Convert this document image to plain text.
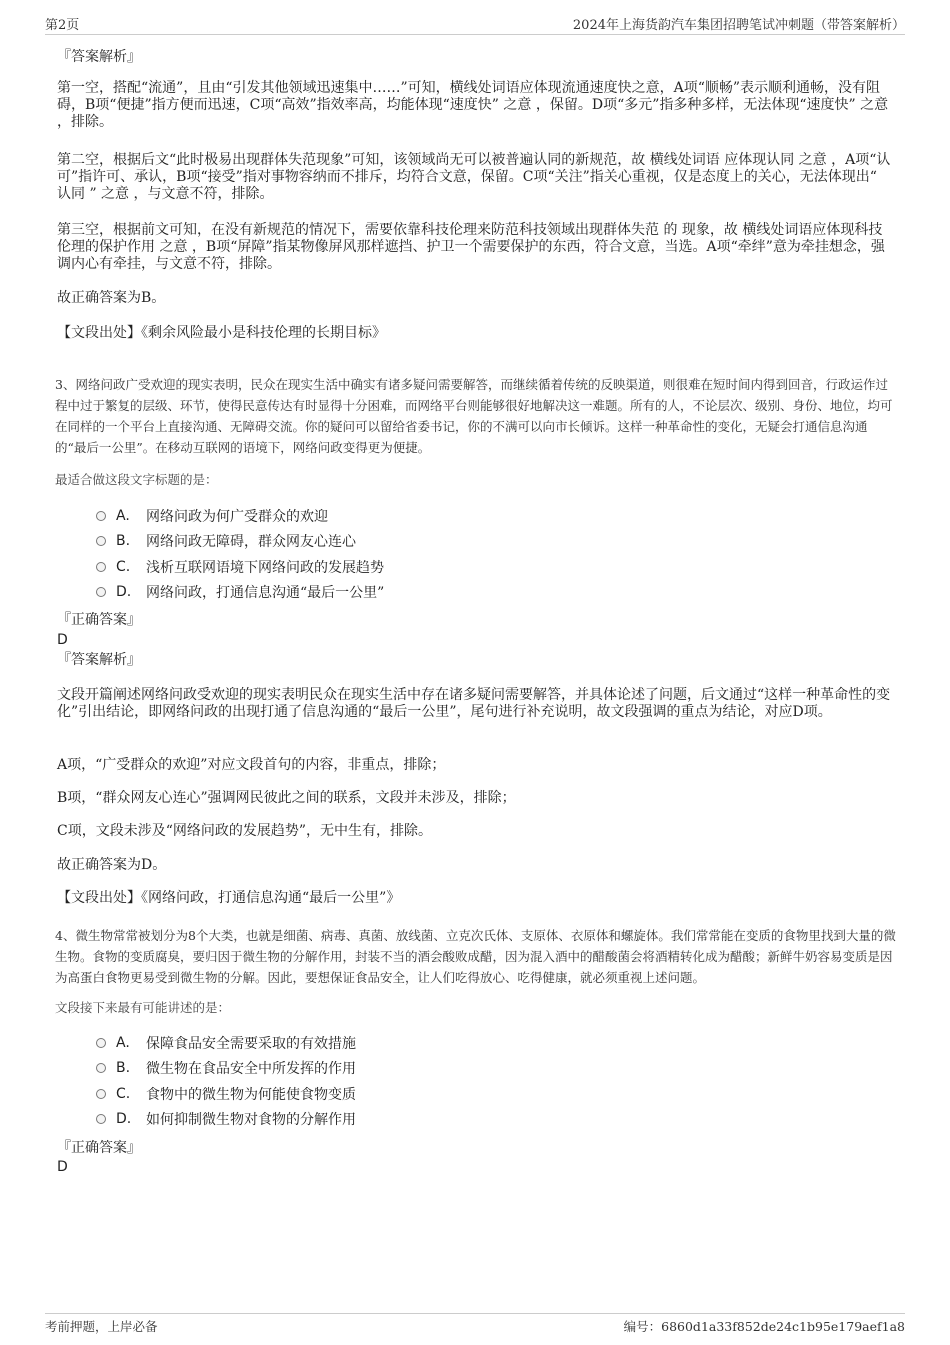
第2页	2024年上海货韵汽车集团招聘笔试冲刺题（带答案解析）
『答案解析』
第一空，搭配“流通”，且由“引发其他领域迅速集中……”可知，横线处词语应体现流通速度快之意，A项“顺畅”表示顺利通畅，没有阻碍，B项“便捷”指方便而迅速，C项“高效”指效率高，均能体现“速度快” 之意 ，保留。D项“多元”指多种多样，无法体现“速度快” 之意 ，排除。
第二空，根据后文“此时极易出现群体失范现象”可知，该领域尚无可以被普遍认同的新规范，故 横线处词语 应体现认同 之意 ，A项“认可”指许可、承认，B项“接受”指对事物容纳而不排斥，均符合文意，保留。C项“关注”指关心重视，仅是态度上的关心，无法体现出“ 认同 ” 之意 ，与文意不符，排除。
第三空，根据前文可知，在没有新规范的情况下，需要依靠科技伦理来防范科技领域出现群体失范 的 现象，故 横线处词语应体现科技伦理的保护作用 之意 ，B项“屏障”指某物像屏风那样遮挡、护卫一个需要保护的东西，符合文意，当选。A项“牵绊”意为牵挂想念，强调内心有牵挂，与文意不符，排除。
故正确答案为B。
【文段出处】《剩余风险最小是科技伦理的长期目标》
3、网络问政广受欢迎的现实表明，民众在现实生活中确实有诸多疑问需要解答，而继续循着传统的反映渠道，则很难在短时间内得到回音，行政运作过程中过于繁复的层级、环节，使得民意传达有时显得十分困难，而网络平台则能够很好地解决这一难题。所有的人，不论层次、级别、身份、地位，均可在同样的一个平台上直接沟通、无障碍交流。你的疑问可以留给省委书记，你的不满可以向市长倾诉。这样一种革命性的变化，无疑会打通信息沟通的“最后一公里”。在移动互联网的语境下，网络问政变得更为便捷。
最适合做这段文字标题的是：
A.	网络问政为何广受群众的欢迎
B.	网络问政无障碍，群众网友心连心
C.	浅析互联网语境下网络问政的发展趋势
D.	网络问政，打通信息沟通“最后一公里”
『正确答案』
D
『答案解析』
文段开篇阐述网络问政受欢迎的现实表明民众在现实生活中存在诸多疑问需要解答，并具体论述了问题，后文通过“这样一种革命性的变化”引出结论，即网络问政的出现打通了信息沟通的“最后一公里”，尾句进行补充说明，故文段强调的重点为结论，对应D项。
A项，“广受群众的欢迎”对应文段首句的内容，非重点，排除；
B项，“群众网友心连心”强调网民彼此之间的联系，文段并未涉及，排除；
C项，文段未涉及“网络问政的发展趋势”，无中生有，排除。
故正确答案为D。
【文段出处】《网络问政，打通信息沟通“最后一公里”》
4、微生物常常被划分为8个大类，也就是细菌、病毒、真菌、放线菌、立克次氏体、支原体、衣原体和螺旋体。我们常常能在变质的食物里找到大量的微生物。食物的变质腐臭，要归因于微生物的分解作用，封装不当的酒会酸败成醋，因为混入酒中的醋酸菌会将酒精转化成为醋酸；新鲜牛奶容易变质是因为高蛋白食物更易受到微生物的分解。因此，要想保证食品安全，让人们吃得放心、吃得健康，就必须重视上述问题。
文段接下来最有可能讲述的是：
A.	保障食品安全需要采取的有效措施
B.	微生物在食品安全中所发挥的作用
C.	食物中的微生物为何能使食物变质
D.	如何抑制微生物对食物的分解作用
『正确答案』
D
考前押题，上岸必备	编号：6860d1a33f852de24c1b95e179aef1a8
